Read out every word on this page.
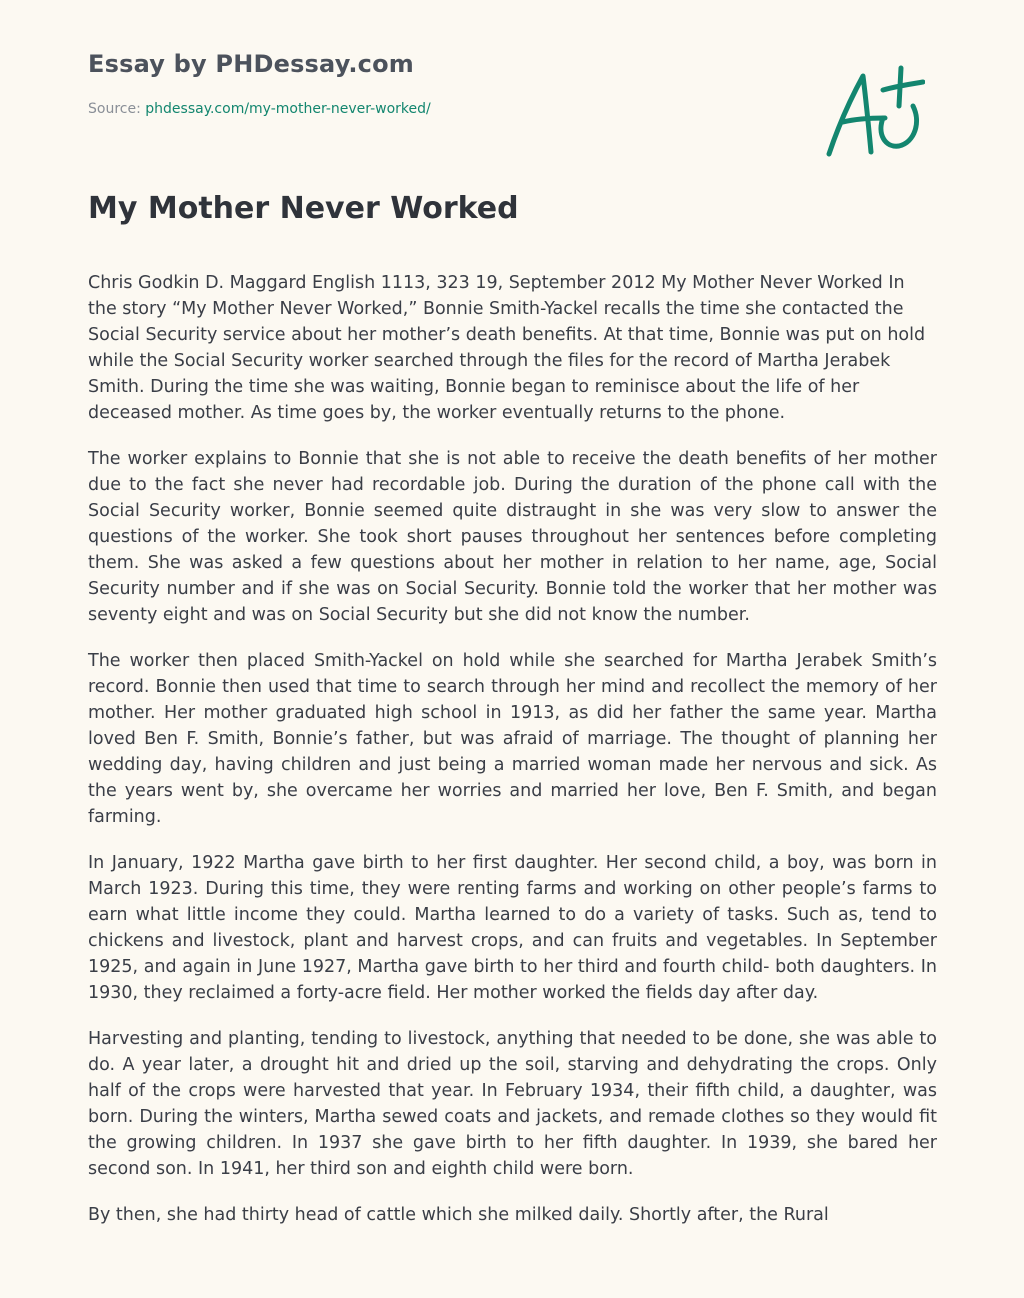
Essay by PHDessay.com
Source: phdessay.com/my-mother-never-worked/
My Mother Never Worked

Chris Godkin D. Maggard English 1113, 323 19, September 2012 My Mother Never Worked In the story “My Mother Never Worked,” Bonnie Smith-Yackel recalls the time she contacted the Social Security service about her mother’s death benefits. At that time, Bonnie was put on hold while the Social Security worker searched through the files for the record of Martha Jerabek Smith. During the time she was waiting, Bonnie began to reminisce about the life of her deceased mother. As time goes by, the worker eventually returns to the phone.

The worker explains to Bonnie that she is not able to receive the death benefits of her mother due to the fact she never had recordable job. During the duration of the phone call with the Social Security worker, Bonnie seemed quite distraught in she was very slow to answer the questions of the worker. She took short pauses throughout her sentences before completing them. She was asked a few questions about her mother in relation to her name, age, Social Security number and if she was on Social Security. Bonnie told the worker that her mother was seventy eight and was on Social Security but she did not know the number.

The worker then placed Smith-Yackel on hold while she searched for Martha Jerabek Smith’s record. Bonnie then used that time to search through her mind and recollect the memory of her mother. Her mother graduated high school in 1913, as did her father the same year. Martha loved Ben F. Smith, Bonnie’s father, but was afraid of marriage. The thought of planning her wedding day, having children and just being a married woman made her nervous and sick. As the years went by, she overcame her worries and married her love, Ben F. Smith, and began farming.

In January, 1922 Martha gave birth to her first daughter. Her second child, a boy, was born in March 1923. During this time, they were renting farms and working on other people’s farms to earn what little income they could. Martha learned to do a variety of tasks. Such as, tend to chickens and livestock, plant and harvest crops, and can fruits and vegetables. In September 1925, and again in June 1927, Martha gave birth to her third and fourth child- both daughters. In 1930, they reclaimed a forty-acre field. Her mother worked the fields day after day.

Harvesting and planting, tending to livestock, anything that needed to be done, she was able to do. A year later, a drought hit and dried up the soil, starving and dehydrating the crops. Only half of the crops were harvested that year. In February 1934, their fifth child, a daughter, was born. During the winters, Martha sewed coats and jackets, and remade clothes so they would fit the growing children. In 1937 she gave birth to her fifth daughter. In 1939, she bared her second son. In 1941, her third son and eighth child were born.

By then, she had thirty head of cattle which she milked daily. Shortly after, the Rural
